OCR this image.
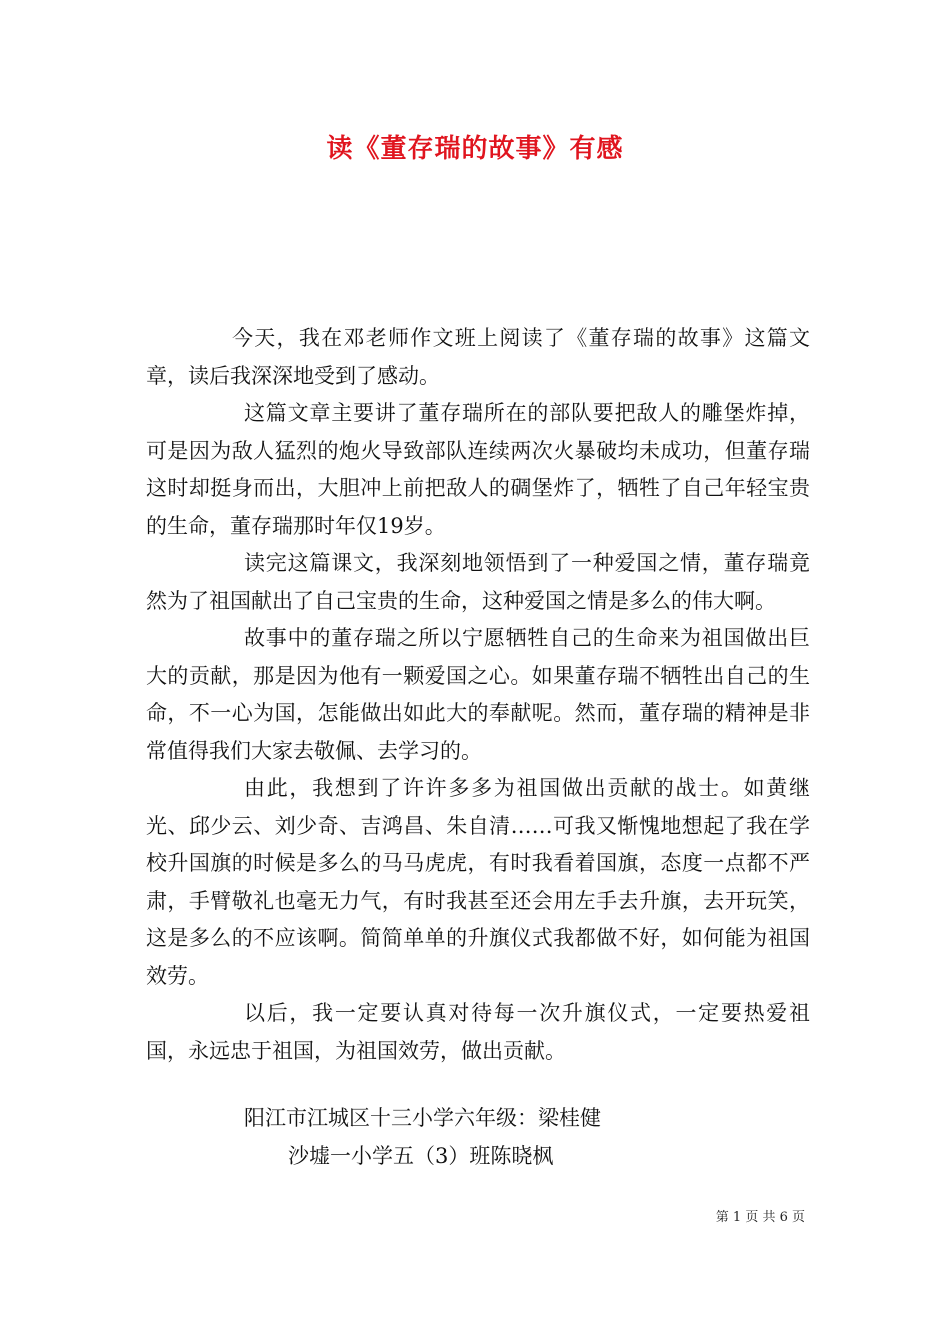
读《董存瑞的故事》有感

今天，我在邓老师作文班上阅读了《董存瑞的故事》这篇文章，读后我深深地受到了感动。

这篇文章主要讲了董存瑞所在的部队要把敌人的雕堡炸掉，可是因为敌人猛烈的炮火导致部队连续两次火暴破均未成功，但董存瑞这时却挺身而出，大胆冲上前把敌人的碉堡炸了，牺牲了自己年轻宝贵的生命，董存瑞那时年仅19岁。

读完这篇课文，我深刻地领悟到了一种爱国之情，董存瑞竟然为了祖国献出了自己宝贵的生命，这种爱国之情是多么的伟大啊。

故事中的董存瑞之所以宁愿牺牲自己的生命来为祖国做出巨大的贡献，那是因为他有一颗爱国之心。如果董存瑞不牺牲出自己的生命，不一心为国，怎能做出如此大的奉献呢。然而，董存瑞的精神是非常值得我们大家去敬佩、去学习的。

由此，我想到了许许多多为祖国做出贡献的战士。如黄继光、邱少云、刘少奇、吉鸿昌、朱自清……可我又惭愧地想起了我在学校升国旗的时候是多么的马马虎虎，有时我看着国旗，态度一点都不严肃，手臂敬礼也毫无力气，有时我甚至还会用左手去升旗，去开玩笑，这是多么的不应该啊。简简单单的升旗仪式我都做不好，如何能为祖国效劳。

以后，我一定要认真对待每一次升旗仪式，一定要热爱祖国，永远忠于祖国，为祖国效劳，做出贡献。

阳江市江城区十三小学六年级：梁桂健
沙墟一小学五（3）班陈晓枫
第 1 页 共 6 页
